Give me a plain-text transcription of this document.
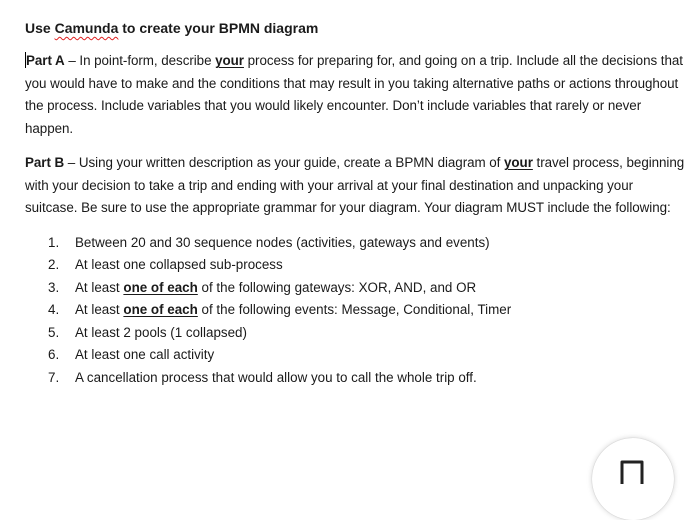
Use Camunda to create your BPMN diagram

Part A – In point-form, describe your process for preparing for, and going on a trip. Include all the decisions that you would have to make and the conditions that may result in you taking alternative paths or actions throughout the process. Include variables that you would likely encounter. Don’t include variables that rarely or never happen.

Part B – Using your written description as your guide, create a BPMN diagram of your travel process, beginning with your decision to take a trip and ending with your arrival at your final destination and unpacking your suitcase. Be sure to use the appropriate grammar for your diagram. Your diagram MUST include the following:

1. Between 20 and 30 sequence nodes (activities, gateways and events)
2. At least one collapsed sub-process
3. At least one of each of the following gateways: XOR, AND, and OR
4. At least one of each of the following events: Message, Conditional, Timer
5. At least 2 pools (1 collapsed)
6. At least one call activity
7. A cancellation process that would allow you to call the whole trip off.
